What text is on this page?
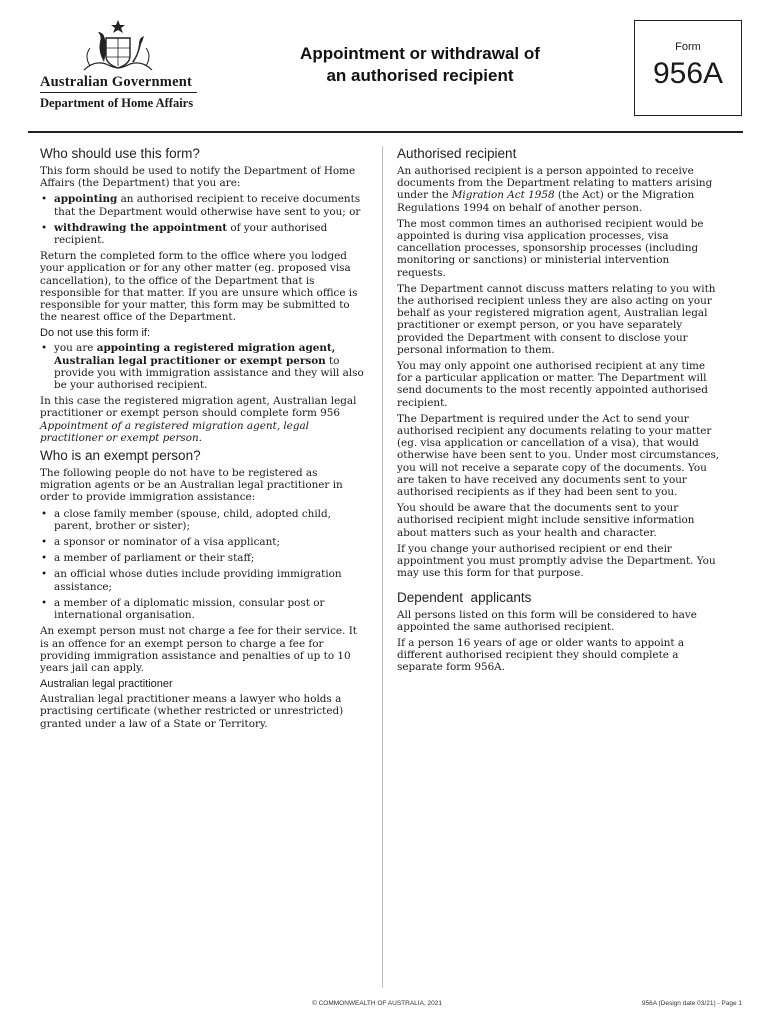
Australian Government
Department of Home Affairs
Appointment or withdrawal of
an authorised recipient
Form
956A
Who should use this form?

This form should be used to notify the Department of Home Affairs (the Department) that you are:

• appointing an authorised recipient to receive documents that the Department would otherwise have sent to you; or
• withdrawing the appointment of your authorised recipient.

Return the completed form to the office where you lodged your application or for any other matter (eg. proposed visa cancellation), to the office of the Department that is responsible for that matter. If you are unsure which office is responsible for your matter, this form may be submitted to the nearest office of the Department.

Do not use this form if:
• you are appointing a registered migration agent, Australian legal practitioner or exempt person to provide you with immigration assistance and they will also be your authorised recipient.

In this case the registered migration agent, Australian legal practitioner or exempt person should complete form 956 Appointment of a registered migration agent, legal practitioner or exempt person.

Who is an exempt person?

The following people do not have to be registered as migration agents or be an Australian legal practitioner in order to provide immigration assistance:

• a close family member (spouse, child, adopted child, parent, brother or sister);
• a sponsor or nominator of a visa applicant;
• a member of parliament or their staff;
• an official whose duties include providing immigration assistance;
• a member of a diplomatic mission, consular post or international organisation.

An exempt person must not charge a fee for their service. It is an offence for an exempt person to charge a fee for providing immigration assistance and penalties of up to 10 years jail can apply.

Australian legal practitioner

Australian legal practitioner means a lawyer who holds a practising certificate (whether restricted or unrestricted) granted under a law of a State or Territory.

Authorised recipient

An authorised recipient is a person appointed to receive documents from the Department relating to matters arising under the Migration Act 1958 (the Act) or the Migration Regulations 1994 on behalf of another person.

The most common times an authorised recipient would be appointed is during visa application processes, visa cancellation processes, sponsorship processes (including monitoring or sanctions) or ministerial intervention requests.

The Department cannot discuss matters relating to you with the authorised recipient unless they are also acting on your behalf as your registered migration agent, Australian legal practitioner or exempt person, or you have separately provided the Department with consent to disclose your personal information to them.

You may only appoint one authorised recipient at any time for a particular application or matter. The Department will send documents to the most recently appointed authorised recipient.

The Department is required under the Act to send your authorised recipient any documents relating to your matter (eg. visa application or cancellation of a visa), that would otherwise have been sent to you. Under most circumstances, you will not receive a separate copy of the documents. You are taken to have received any documents sent to your authorised recipients as if they had been sent to you.

You should be aware that the documents sent to your authorised recipient might include sensitive information about matters such as your health and character.

If you change your authorised recipient or end their appointment you must promptly advise the Department. You may use this form for that purpose.

Dependent  applicants

All persons listed on this form will be considered to have appointed the same authorised recipient.

If a person 16 years of age or older wants to appoint a different authorised recipient they should complete a separate form 956A.

© COMMONWEALTH OF AUSTRALIA, 2021	956A (Design date 03/21) - Page 1
